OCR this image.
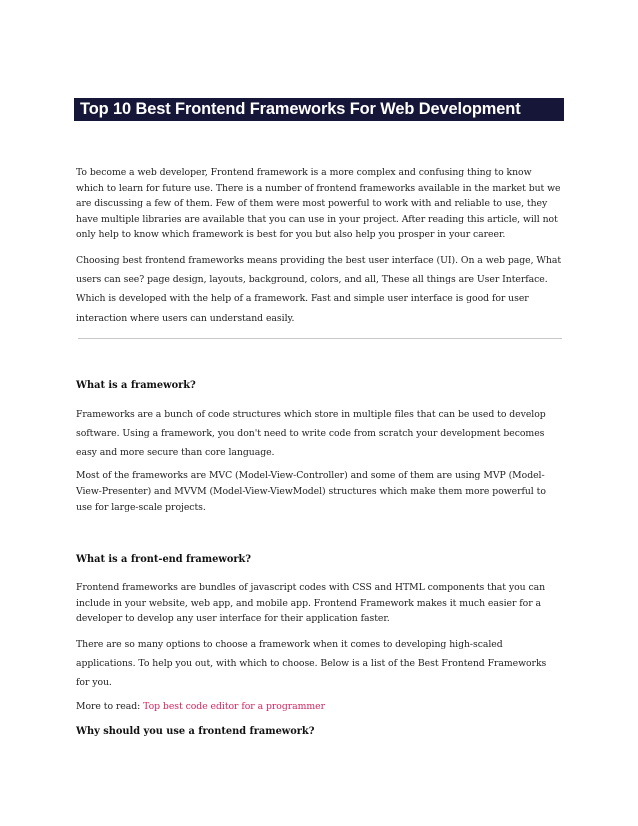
Top 10 Best Frontend Frameworks For Web Development

To become a web developer, Frontend framework is a more complex and confusing thing to know which to learn for future use. There is a number of frontend frameworks available in the market but we are discussing a few of them. Few of them were most powerful to work with and reliable to use, they have multiple libraries are available that you can use in your project. After reading this article, will not only help to know which framework is best for you but also help you prosper in your career.

Choosing best frontend frameworks means providing the best user interface (UI). On a web page, What users can see? page design, layouts, background, colors, and all, These all things are User Interface. Which is developed with the help of a framework. Fast and simple user interface is good for user interaction where users can understand easily.

What is a framework?

Frameworks are a bunch of code structures which store in multiple files that can be used to develop software. Using a framework, you don't need to write code from scratch your development becomes easy and more secure than core language.

Most of the frameworks are MVC (Model-View-Controller) and some of them are using MVP (Model-View-Presenter) and MVVM (Model-View-ViewModel) structures which make them more powerful to use for large-scale projects.

What is a front-end framework?

Frontend frameworks are bundles of javascript codes with CSS and HTML components that you can include in your website, web app, and mobile app. Frontend Framework makes it much easier for a developer to develop any user interface for their application faster.

There are so many options to choose a framework when it comes to developing high-scaled applications. To help you out, with which to choose. Below is a list of the Best Frontend Frameworks for you.

More to read: Top best code editor for a programmer

Why should you use a frontend framework?
